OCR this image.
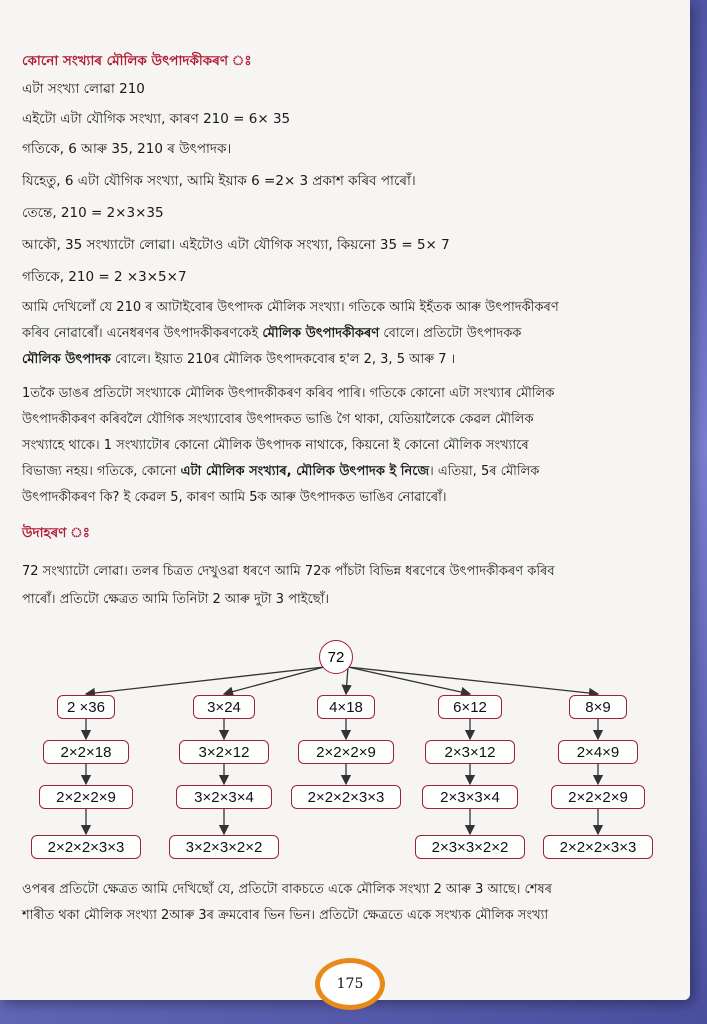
কোনো সংখ্যাৰ মৌলিক উৎপাদকীকৰণ ঃ
এটা সংখ্যা লোৱা 210
এইটো এটা যৌগিক সংখ্যা, কাৰণ 210 = 6× 35
গতিকে, 6 আৰু 35, 210 ৰ উৎপাদক।
যিহেতু, 6 এটা যৌগিক সংখ্যা, আমি ইয়াক 6 =2× 3 প্ৰকাশ কৰিব পাৰোঁ।
তেন্তে, 210 = 2×3×35
আকৌ, 35 সংখ্যাটো লোৱা। এইটোও এটা যৌগিক সংখ্যা, কিয়নো 35 = 5× 7
গতিকে, 210 = 2 ×3×5×7
আমি দেখিলোঁ যে 210 ৰ আটাইবোৰ উৎপাদক মৌলিক সংখ্যা। গতিকে আমি ইহঁতক আৰু উৎপাদকীকৰণ
কৰিব নোৱাৰোঁ। এনেধৰণৰ উৎপাদকীকৰণকেই মৌলিক উৎপাদকীকৰণ বোলে। প্ৰতিটো উৎপাদকক
মৌলিক উৎপাদক বোলে। ইয়াত 210ৰ মৌলিক উৎপাদকবোৰ হ'ল 2, 3, 5 আৰু 7 ।
1তকৈ ডাঙৰ প্ৰতিটো সংখ্যাকে মৌলিক উৎপাদকীকৰণ কৰিব পাৰি। গতিকে কোনো এটা সংখ্যাৰ মৌলিক
উৎপাদকীকৰণ কৰিবলৈ যৌগিক সংখ্যাবোৰ উৎপাদকত ভাঙি গৈ থাকা, যেতিয়ালৈকে কেৱল মৌলিক
সংখ্যাহে থাকে। 1 সংখ্যাটোৰ কোনো মৌলিক উৎপাদক নাথাকে, কিয়নো ই কোনো মৌলিক সংখ্যাৰে
বিভাজ্য নহয়। গতিকে, কোনো এটা মৌলিক সংখ্যাৰ, মৌলিক উৎপাদক ই নিজে। এতিয়া, 5ৰ মৌলিক
উৎপাদকীকৰণ কি? ই কেৱল 5, কাৰণ আমি 5ক আৰু উৎপাদকত ভাঙিব নোৱাৰোঁ।
উদাহৰণ ঃ
72 সংখ্যাটো লোৱা। তলৰ চিত্ৰত দেখুওৱা ধৰণে আমি 72ক পাঁচটা বিভিন্ন ধৰণেৰে উৎপাদকীকৰণ কৰিব
পাৰোঁ। প্ৰতিটো ক্ষেত্ৰত আমি তিনিটা 2 আৰু দুটা 3 পাইছোঁ।
ওপৰৰ প্ৰতিটো ক্ষেত্ৰত আমি দেখিছোঁ যে, প্ৰতিটো বাকচতে একে মৌলিক সংখ্যা 2 আৰু 3 আছে। শেষৰ
শাৰীত থকা মৌলিক সংখ্যা 2আৰু 3ৰ ক্ৰমবোৰ ভিন ভিন। প্ৰতিটো ক্ষেত্ৰতে একে সংখ্যক মৌলিক সংখ্যা
72
2 ×36
2×2×18
2×2×2×9
2×2×2×3×3
3×24
3×2×12
3×2×3×4
3×2×3×2×2
4×18
2×2×2×9
2×2×2×3×3
6×12
2×3×12
2×3×3×4
2×3×3×2×2
8×9
2×4×9
2×2×2×9
2×2×2×3×3
175
